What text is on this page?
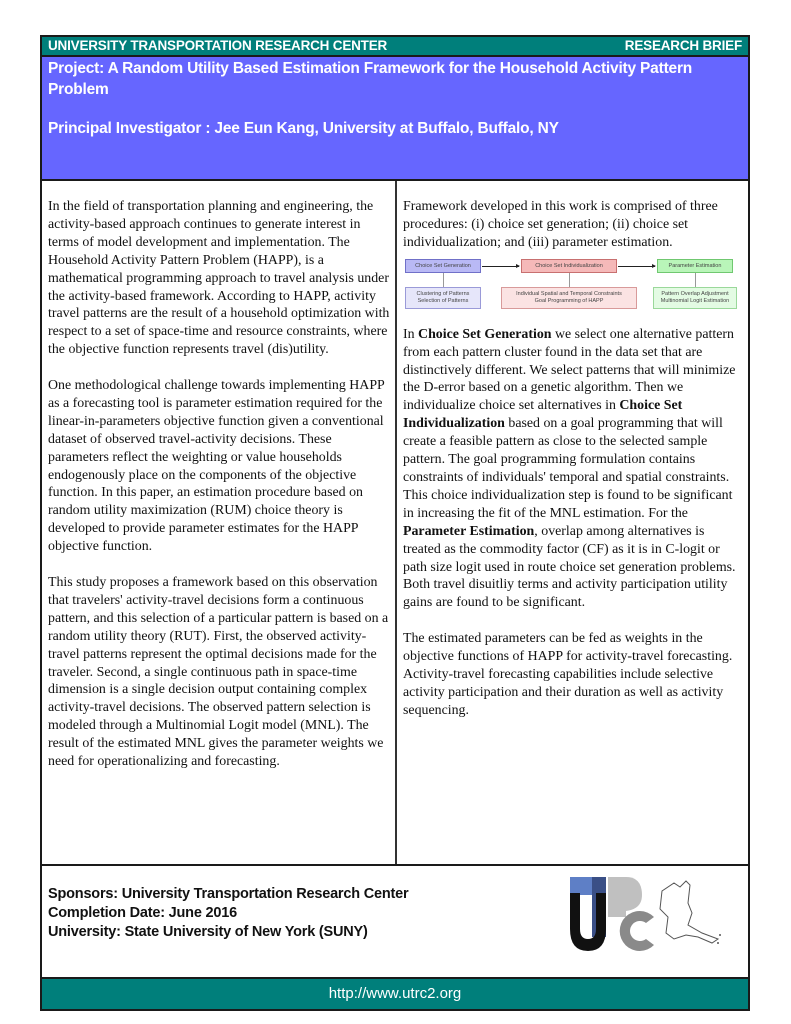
UNIVERSITY TRANSPORTATION RESEARCH CENTER	RESEARCH BRIEF
Project: A Random Utility Based Estimation Framework for the Household Activity Pattern Problem
Principal Investigator : Jee Eun Kang, University at Buffalo, Buffalo, NY

In the field of transportation planning and engineering, the activity-based approach continues to generate interest in terms of model development and implementation. The Household Activity Pattern Problem (HAPP), is a mathematical programming approach to travel analysis under the activity-based framework. According to HAPP, activity travel patterns are the result of a household optimization with respect to a set of space-time and resource constraints, where the objective function represents travel (dis)utility.

One methodological challenge towards implementing HAPP as a forecasting tool is parameter estimation required for the linear-in-parameters objective function given a conventional dataset of observed travel-activity decisions. These parameters reflect the weighting or value households endogenously place on the components of the objective function. In this paper, an estimation procedure based on random utility maximization (RUM) choice theory is developed to provide parameter estimates for the HAPP objective function.

This study proposes a framework based on this observation that travelers' activity-travel decisions form a continuous pattern, and this selection of a particular pattern is based on a random utility theory (RUT). First, the observed activity-travel patterns represent the optimal decisions made for the traveler. Second, a single continuous path in space-time dimension is a single decision output containing complex activity-travel decisions. The observed pattern selection is modeled through a Multinomial Logit model (MNL). The result of the estimated MNL gives the parameter weights we need for operationalizing and forecasting.

Framework developed in this work is comprised of three procedures: (i) choice set generation; (ii) choice set individualization; and (iii) parameter estimation.

Choice Set Generation	Choice Set Individualization	Parameter Estimation
Clustering of Patterns
Selection of Patterns
Individual Spatial and Temporal Constraints
Goal Programming of HAPP
Pattern Overlap Adjustment
Multinomial Logit Estimation

In Choice Set Generation we select one alternative pattern from each pattern cluster found in the data set that are distinctively different. We select patterns that will minimize the D-error based on a genetic algorithm. Then we individualize choice set alternatives in Choice Set Individualization based on a goal programming that will create a feasible pattern as close to the selected sample pattern. The goal programming formulation contains constraints of individuals' temporal and spatial constraints. This choice individualization step is found to be significant in increasing the fit of the MNL estimation. For the Parameter Estimation, overlap among alternatives is treated as the commodity factor (CF) as it is in C-logit or path size logit used in route choice set generation problems. Both travel disuitliy terms and activity participation utility gains are found to be significant.

The estimated parameters can be fed as weights in the objective functions of HAPP for activity-travel forecasting. Activity-travel forecasting capabilities include selective activity participation and their duration as well as activity sequencing.

Sponsors: University Transportation Research Center
Completion Date: June 2016
University: State University of New York (SUNY)
http://www.utrc2.org
